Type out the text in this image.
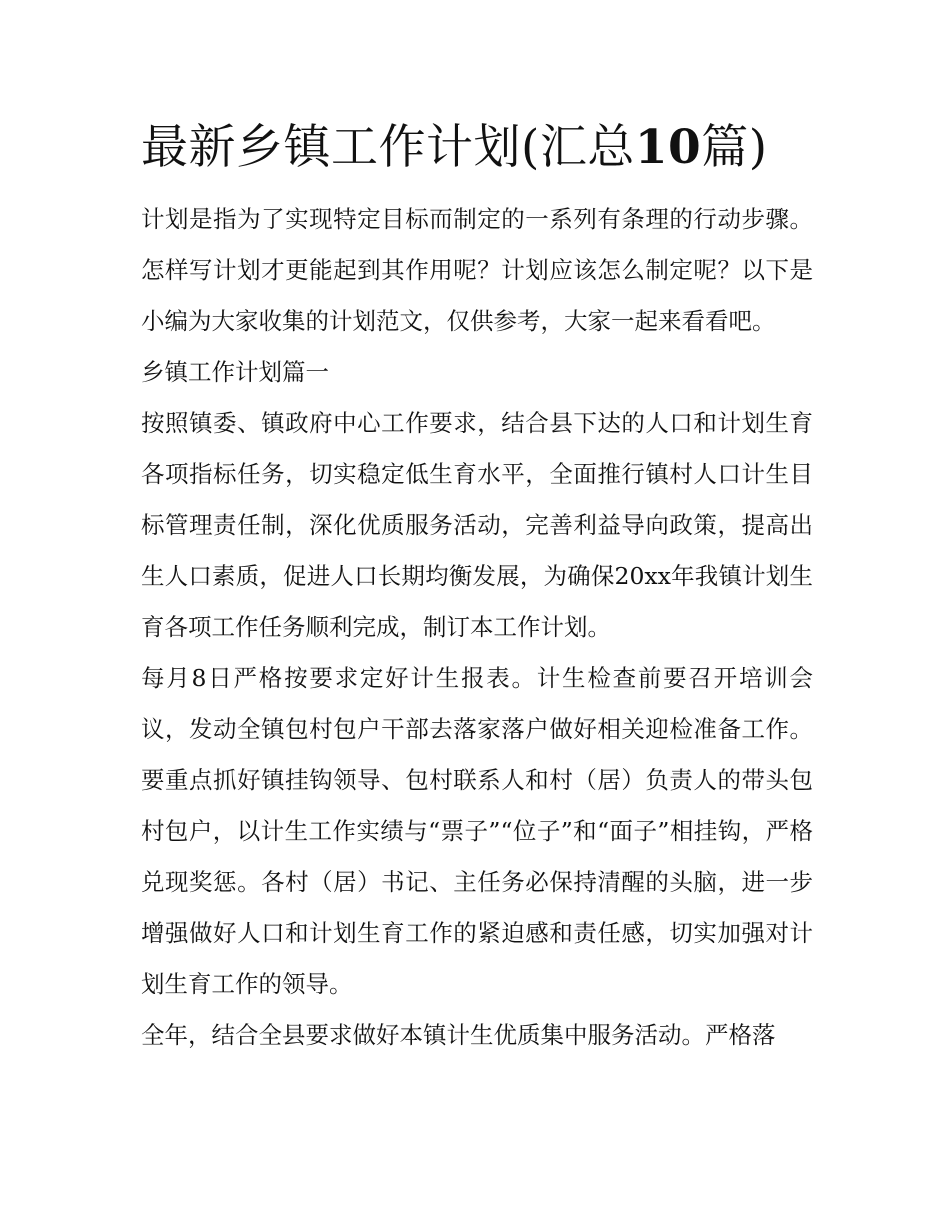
最新乡镇工作计划(汇总10篇)

计划是指为了实现特定目标而制定的一系列有条理的行动步骤。怎样写计划才更能起到其作用呢？计划应该怎么制定呢？以下是小编为大家收集的计划范文，仅供参考，大家一起来看看吧。

乡镇工作计划篇一

按照镇委、镇政府中心工作要求，结合县下达的人口和计划生育各项指标任务，切实稳定低生育水平，全面推行镇村人口计生目标管理责任制，深化优质服务活动，完善利益导向政策，提高出生人口素质，促进人口长期均衡发展，为确保20xx年我镇计划生育各项工作任务顺利完成，制订本工作计划。

每月8日严格按要求定好计生报表。计生检查前要召开培训会议，发动全镇包村包户干部去落家落户做好相关迎检准备工作。要重点抓好镇挂钩领导、包村联系人和村（居）负责人的带头包村包户，以计生工作实绩与“票子”“位子”和“面子”相挂钩，严格兑现奖惩。各村（居）书记、主任务必保持清醒的头脑，进一步增强做好人口和计划生育工作的紧迫感和责任感，切实加强对计划生育工作的领导。

全年，结合全县要求做好本镇计生优质集中服务活动。严格落
